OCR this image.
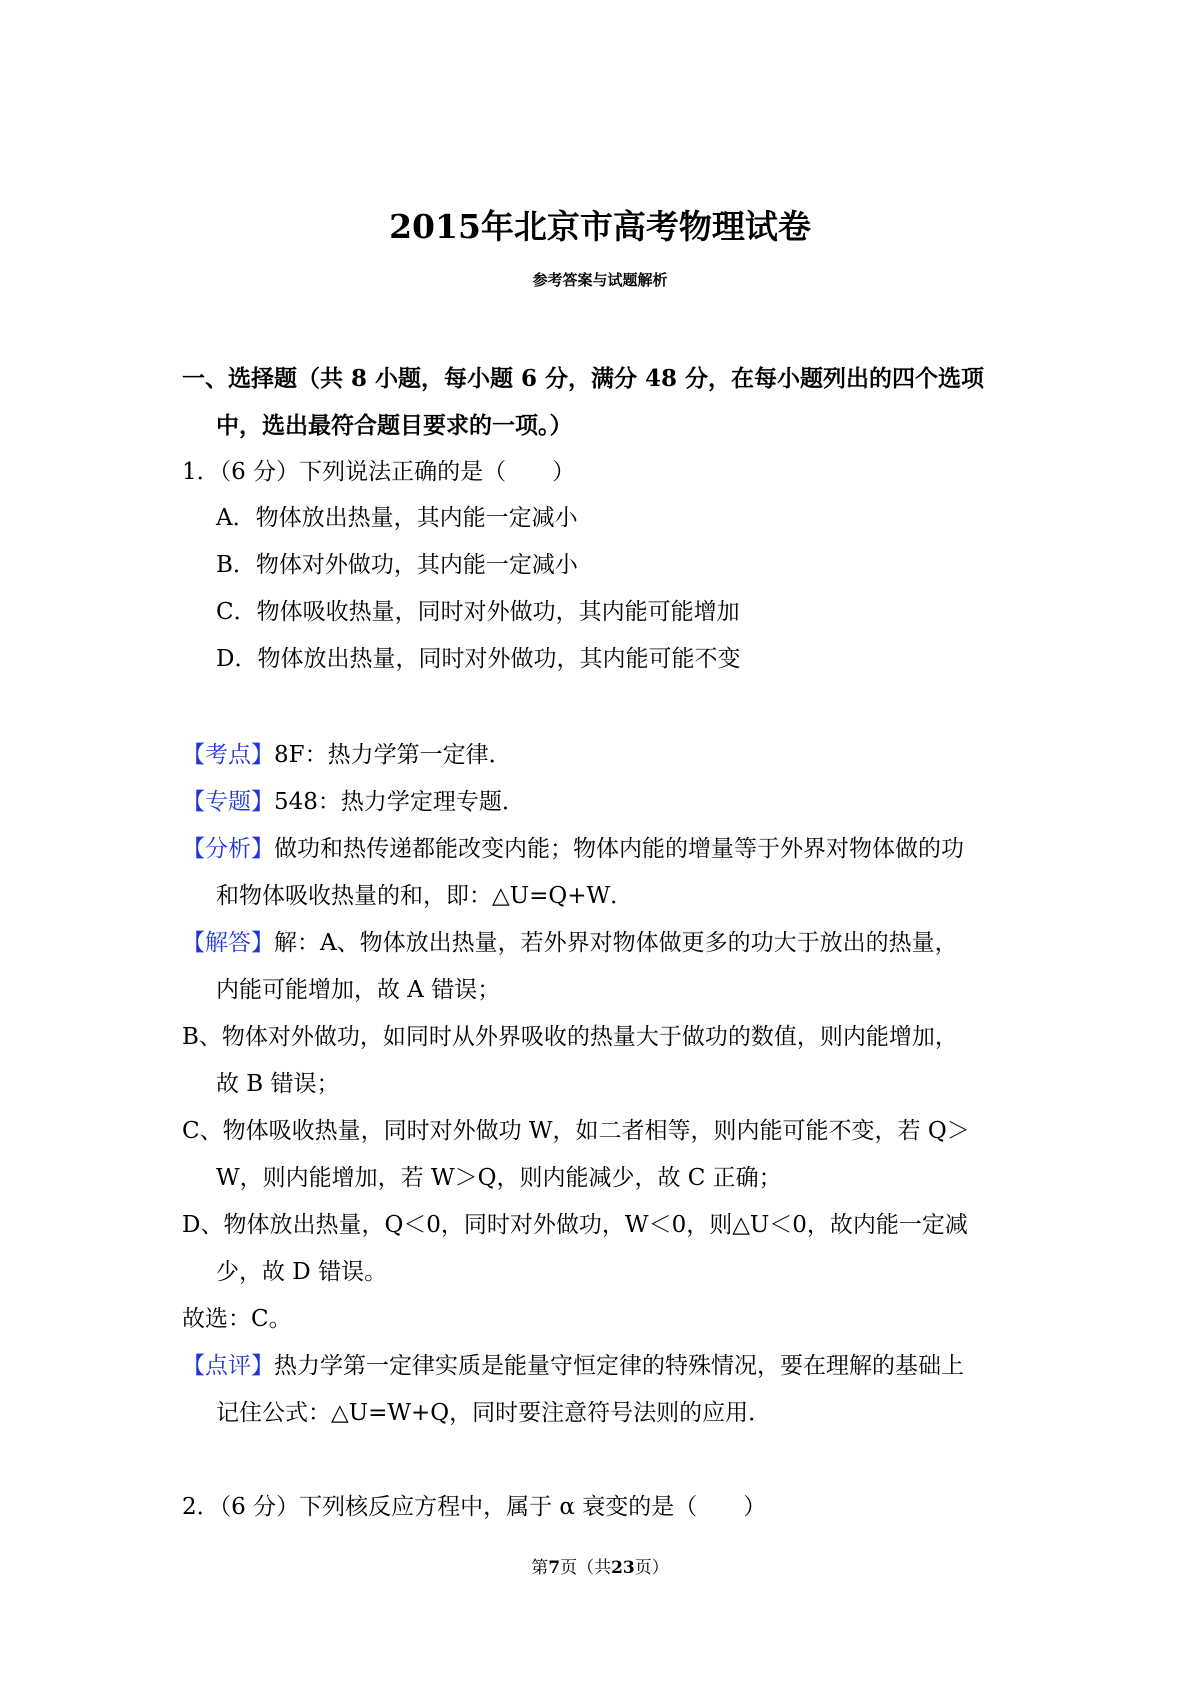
2015年北京市高考物理试卷
参考答案与试题解析
一、选择题（共 8 小题，每小题 6 分，满分 48 分，在每小题列出的四个选项
中，选出最符合题目要求的一项。）
1．（6 分）下列说法正确的是（　　）
A．物体放出热量，其内能一定减小
B．物体对外做功，其内能一定减小
C．物体吸收热量，同时对外做功，其内能可能增加
D．物体放出热量，同时对外做功，其内能可能不变
【考点】8F：热力学第一定律．
【专题】548：热力学定理专题．
【分析】做功和热传递都能改变内能；物体内能的增量等于外界对物体做的功
和物体吸收热量的和，即：△U=Q+W．
【解答】解：A、物体放出热量，若外界对物体做更多的功大于放出的热量，
内能可能增加，故 A 错误；
B、物体对外做功，如同时从外界吸收的热量大于做功的数值，则内能增加，
故 B 错误；
C、物体吸收热量，同时对外做功 W，如二者相等，则内能可能不变，若 Q＞
W，则内能增加，若 W＞Q，则内能减少，故 C 正确；
D、物体放出热量，Q＜0，同时对外做功，W＜0，则△U＜0，故内能一定减
少，故 D 错误。
故选：C。
【点评】热力学第一定律实质是能量守恒定律的特殊情况，要在理解的基础上
记住公式：△U=W+Q，同时要注意符号法则的应用．
2．（6 分）下列核反应方程中，属于 α 衰变的是（　　）
第7页（共23页）
